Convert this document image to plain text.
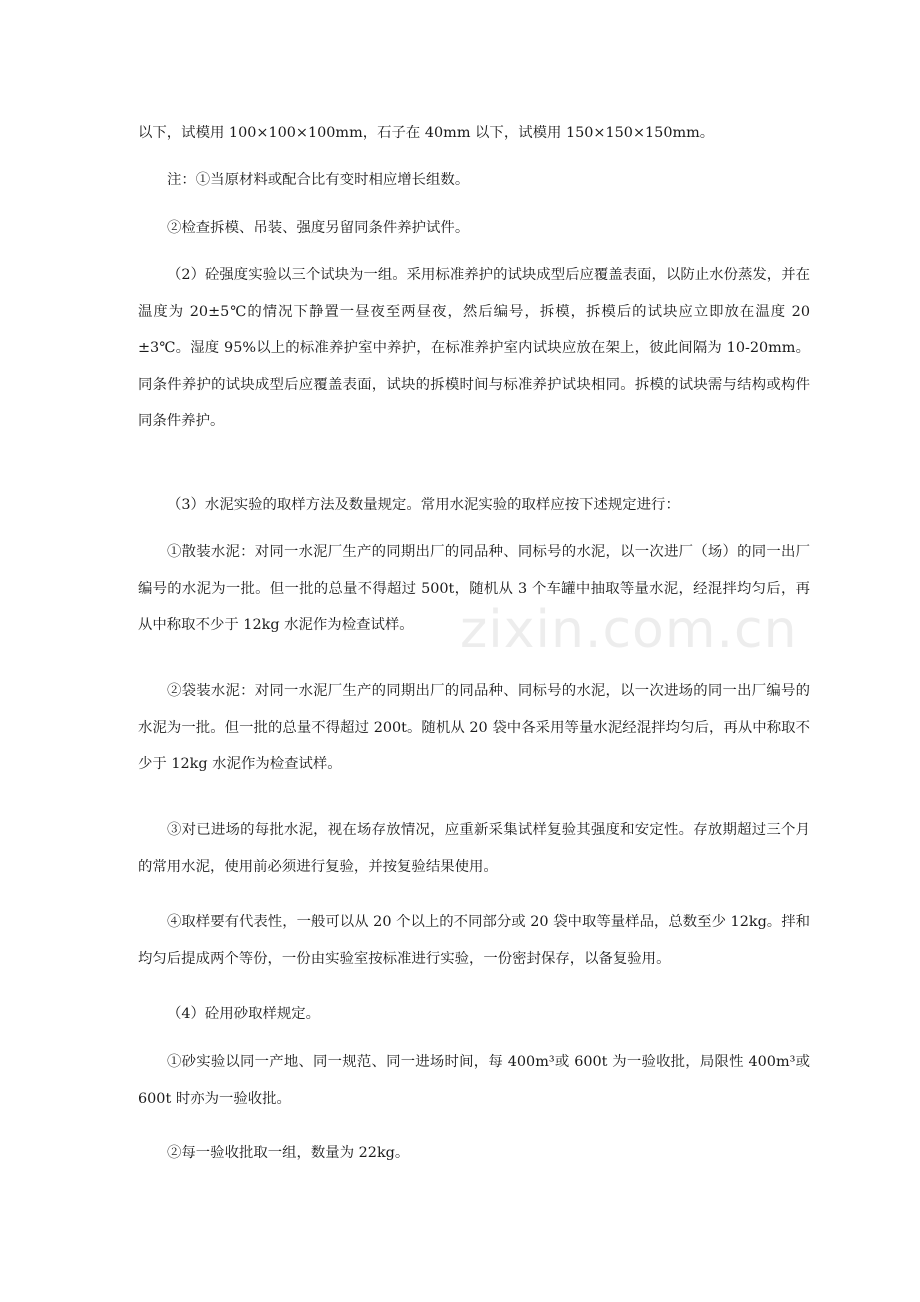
zixin.com.cn

以下，试模用 100×100×100mm，石子在 40mm 以下，试模用 150×150×150mm。

注：①当原材料或配合比有变时相应增长组数。

②检查拆模、吊装、强度另留同条件养护试件。

（2）砼强度实验以三个试块为一组。采用标准养护的试块成型后应覆盖表面，以防止水份蒸发，并在温度为 20±5℃的情况下静置一昼夜至两昼夜，然后编号，拆模，拆模后的试块应立即放在温度 20±3℃。湿度 95%以上的标准养护室中养护，在标准养护室内试块应放在架上，彼此间隔为 10-20mm。同条件养护的试块成型后应覆盖表面，试块的拆模时间与标准养护试块相同。拆模的试块需与结构或构件同条件养护。

（3）水泥实验的取样方法及数量规定。常用水泥实验的取样应按下述规定进行：

①散装水泥：对同一水泥厂生产的同期出厂的同品种、同标号的水泥，以一次进厂（场）的同一出厂编号的水泥为一批。但一批的总量不得超过 500t，随机从 3 个车罐中抽取等量水泥，经混拌均匀后，再从中称取不少于 12kg 水泥作为检查试样。

②袋装水泥：对同一水泥厂生产的同期出厂的同品种、同标号的水泥，以一次进场的同一出厂编号的水泥为一批。但一批的总量不得超过 200t。随机从 20 袋中各采用等量水泥经混拌均匀后，再从中称取不少于 12kg 水泥作为检查试样。

③对已进场的每批水泥，视在场存放情况，应重新采集试样复验其强度和安定性。存放期超过三个月的常用水泥，使用前必须进行复验，并按复验结果使用。

④取样要有代表性，一般可以从 20 个以上的不同部分或 20 袋中取等量样品，总数至少 12kg。拌和均匀后提成两个等份，一份由实验室按标准进行实验，一份密封保存，以备复验用。

（4）砼用砂取样规定。

①砂实验以同一产地、同一规范、同一进场时间，每 400m³或 600t 为一验收批，局限性 400m³或 600t 时亦为一验收批。

②每一验收批取一组，数量为 22kg。
